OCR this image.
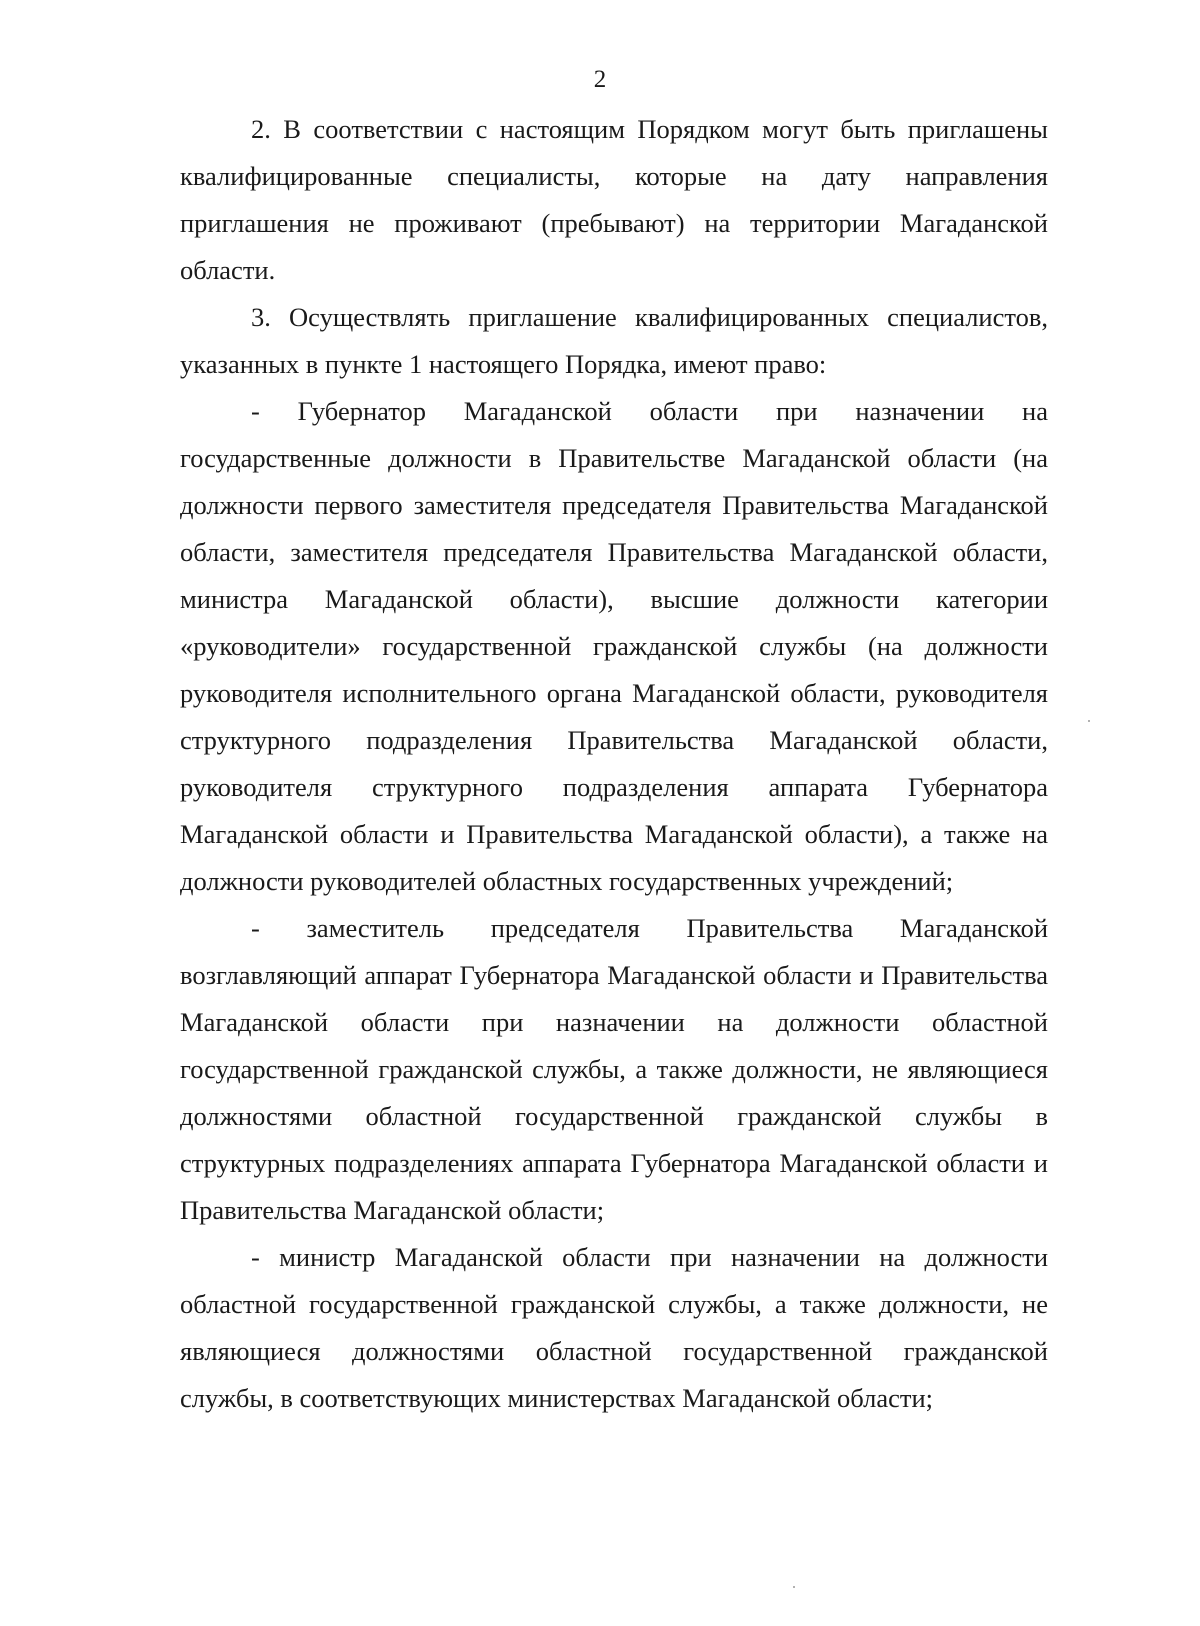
2

2. В соответствии с настоящим Порядком могут быть приглашены квалифицированные специалисты, которые на дату направления приглашения не проживают (пребывают) на территории Магаданской области.

3. Осуществлять приглашение квалифицированных специалистов, указанных в пункте 1 настоящего Порядка, имеют право:

- Губернатор Магаданской области при назначении на государственные должности в Правительстве Магаданской области (на должности первого заместителя председателя Правительства Магаданской области, заместителя председателя Правительства Магаданской области, министра Магаданской области), высшие должности категории «руководители» государственной гражданской службы (на должности руководителя исполнительного органа Магаданской области, руководителя структурного подразделения Правительства Магаданской области, руководителя структурного подразделения аппарата Губернатора Магаданской области и Правительства Магаданской области), а также на должности руководителей областных государственных учреждений;

- заместитель председателя Правительства Магаданской возглавляющий аппарат Губернатора Магаданской области и Правительства Магаданской области при назначении на должности областной государственной гражданской службы, а также должности, не являющиеся должностями областной государственной гражданской службы в структурных подразделениях аппарата Губернатора Магаданской области и Правительства Магаданской области;

- министр Магаданской области при назначении на должности областной государственной гражданской службы, а также должности, не являющиеся должностями областной государственной гражданской службы, в соответствующих министерствах Магаданской области;
